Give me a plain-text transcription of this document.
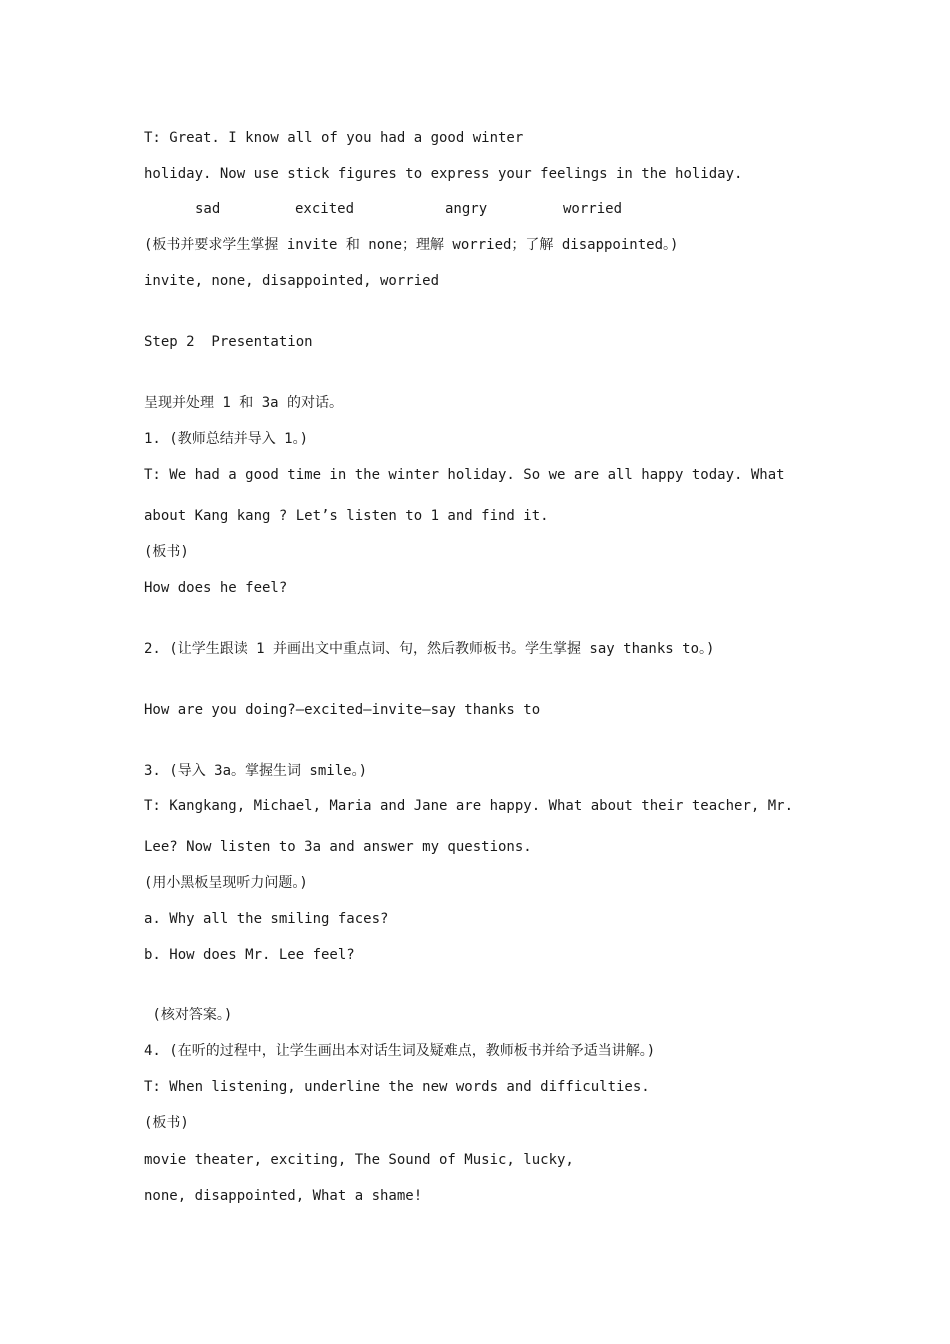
T: Great. I know all of you had a good winter
holiday. Now use stick figures to express your feelings in the holiday.
sad	excited	angry	worried
(板书并要求学生掌握 invite 和 none；理解 worried；了解 disappointed。)
invite, none, disappointed, worried
Step 2  Presentation
呈现并处理 1 和 3a 的对话。
1. (教师总结并导入 1。)
T: We had a good time in the winter holiday. So we are all happy today. What
about Kang kang ? Let’s listen to 1 and find it.
(板书)
How does he feel?
2. (让学生跟读 1 并画出文中重点词、句，然后教师板书。学生掌握 say thanks to。)
How are you doing?—excited—invite—say thanks to
3. (导入 3a。掌握生词 smile。)
T: Kangkang, Michael, Maria and Jane are happy. What about their teacher, Mr.
Lee? Now listen to 3a and answer my questions.
(用小黑板呈现听力问题。)
a. Why all the smiling faces?
b. How does Mr. Lee feel?
(核对答案。)
4. (在听的过程中，让学生画出本对话生词及疑难点，教师板书并给予适当讲解。)
T: When listening, underline the new words and difficulties.
(板书)
movie theater, exciting, The Sound of Music, lucky,
none, disappointed, What a shame!
